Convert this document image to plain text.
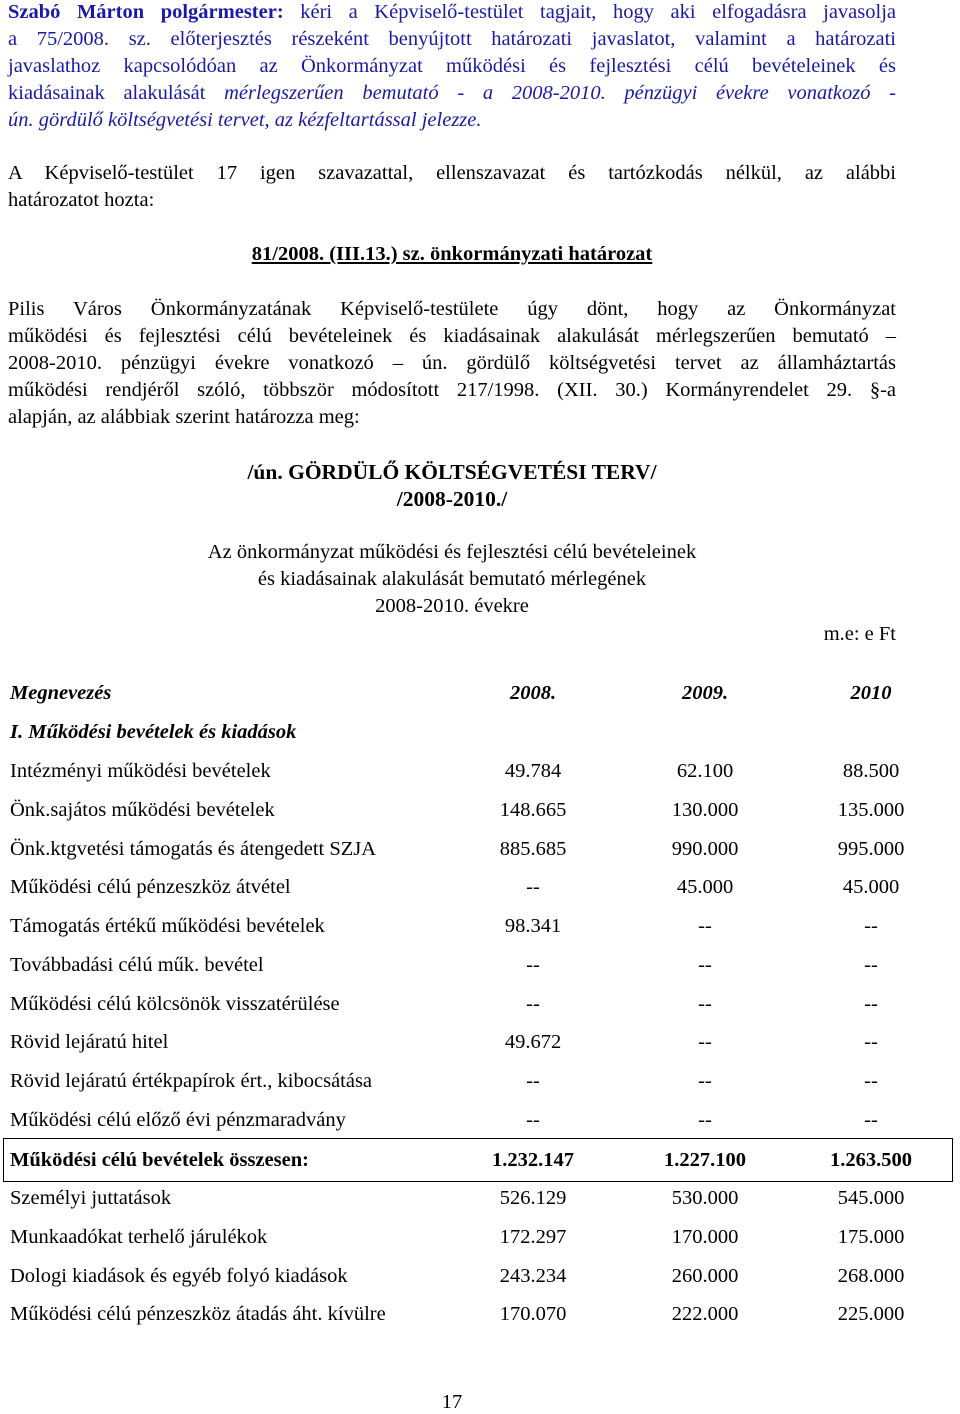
Szabó Márton polgármester: kéri a Képviselő-testület tagjait, hogy aki elfogadásra javasolja
a 75/2008. sz. előterjesztés részeként benyújtott határozati javaslatot, valamint a határozati
javaslathoz kapcsolódóan az Önkormányzat működési és fejlesztési célú bevételeinek és
kiadásainak alakulását mérlegszerűen bemutató - a 2008-2010. pénzügyi évekre vonatkozó -
ún. gördülő költségvetési tervet, az kézfeltartással jelezze.
A Képviselő-testület 17 igen szavazattal, ellenszavazat és tartózkodás nélkül, az alábbi
határozatot hozta:
81/2008. (III.13.) sz. önkormányzati határozat
Pilis Város Önkormányzatának Képviselő-testülete úgy dönt, hogy az Önkormányzat
működési és fejlesztési célú bevételeinek és kiadásainak alakulását mérlegszerűen bemutató –
2008-2010. pénzügyi évekre vonatkozó – ún. gördülő költségvetési tervet az államháztartás
működési rendjéről szóló, többször módosított 217/1998. (XII. 30.) Kormányrendelet 29. §-a
alapján, az alábbiak szerint határozza meg:
/ún. GÖRDÜLŐ KÖLTSÉGVETÉSI TERV/
/2008-2010./
Az önkormányzat működési és fejlesztési célú bevételeinek
és kiadásainak alakulását bemutató mérlegének
2008-2010. évekre
m.e: e Ft
Megnevezés	2008.	2009.	2010
I. Működési bevételek és kiadások
Intézményi működési bevételek	49.784	62.100	88.500
Önk.sajátos működési bevételek	148.665	130.000	135.000
Önk.ktgvetési támogatás és átengedett SZJA	885.685	990.000	995.000
Működési célú pénzeszköz átvétel	--	45.000	45.000
Támogatás értékű működési bevételek	98.341	--	--
Továbbadási célú műk. bevétel	--	--	--
Működési célú kölcsönök visszatérülése	--	--	--
Rövid lejáratú hitel	49.672	--	--
Rövid lejáratú értékpapírok ért., kibocsátása	--	--	--
Működési célú előző évi pénzmaradvány	--	--	--
Működési célú bevételek összesen:	1.232.147	1.227.100	1.263.500
Személyi juttatások	526.129	530.000	545.000
Munkaadókat terhelő járulékok	172.297	170.000	175.000
Dologi kiadások és egyéb folyó kiadások	243.234	260.000	268.000
Működési célú pénzeszköz átadás áht. kívülre	170.070	222.000	225.000
17
